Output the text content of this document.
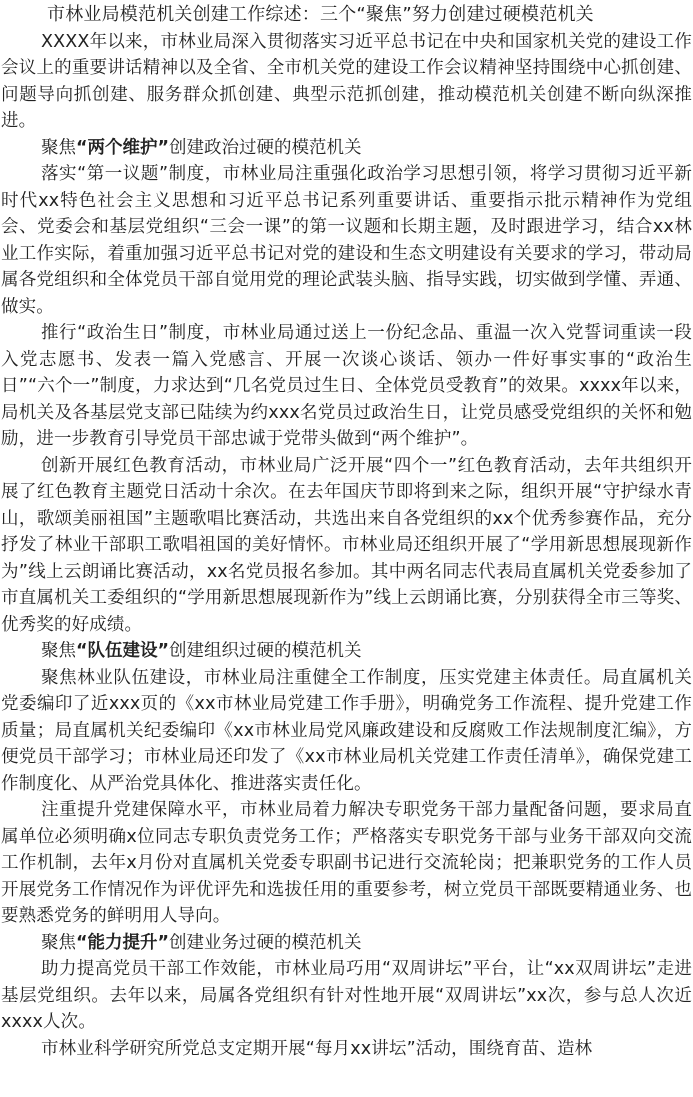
市林业局模范机关创建工作综述：三个“聚焦”努力创建过硬模范机关

XXXX年以来，市林业局深入贯彻落实习近平总书记在中央和国家机关党的建设工作会议上的重要讲话精神以及全省、全市机关党的建设工作会议精神坚持围绕中心抓创建、问题导向抓创建、服务群众抓创建、典型示范抓创建，推动模范机关创建不断向纵深推进。

聚焦“两个维护”创建政治过硬的模范机关

落实“第一议题”制度，市林业局注重强化政治学习思想引领，将学习贯彻习近平新时代xx特色社会主义思想和习近平总书记系列重要讲话、重要指示批示精神作为党组会、党委会和基层党组织“三会一课”的第一议题和长期主题，及时跟进学习，结合xx林业工作实际，着重加强习近平总书记对党的建设和生态文明建设有关要求的学习，带动局属各党组织和全体党员干部自觉用党的理论武装头脑、指导实践，切实做到学懂、弄通、做实。

推行“政治生日”制度，市林业局通过送上一份纪念品、重温一次入党誓词重读一段入党志愿书、发表一篇入党感言、开展一次谈心谈话、领办一件好事实事的“政治生日”“六个一”制度，力求达到“几名党员过生日、全体党员受教育”的效果。xxxx年以来，局机关及各基层党支部已陆续为约xxx名党员过政治生日，让党员感受党组织的关怀和勉励，进一步教育引导党员干部忠诚于党带头做到“两个维护”。

创新开展红色教育活动，市林业局广泛开展“四个一”红色教育活动，去年共组织开展了红色教育主题党日活动十余次。在去年国庆节即将到来之际，组织开展“守护绿水青山，歌颂美丽祖国”主题歌唱比赛活动，共选出来自各党组织的xx个优秀参赛作品，充分抒发了林业干部职工歌唱祖国的美好情怀。市林业局还组织开展了“学用新思想展现新作为”线上云朗诵比赛活动，xx名党员报名参加。其中两名同志代表局直属机关党委参加了市直属机关工委组织的“学用新思想展现新作为”线上云朗诵比赛，分别获得全市三等奖、优秀奖的好成绩。

聚焦“队伍建设”创建组织过硬的模范机关

聚焦林业队伍建设，市林业局注重健全工作制度，压实党建主体责任。局直属机关党委编印了近xxx页的《xx市林业局党建工作手册》，明确党务工作流程、提升党建工作质量；局直属机关纪委编印《xx市林业局党风廉政建设和反腐败工作法规制度汇编》，方便党员干部学习；市林业局还印发了《xx市林业局机关党建工作责任清单》，确保党建工作制度化、从严治党具体化、推进落实责任化。

注重提升党建保障水平，市林业局着力解决专职党务干部力量配备问题，要求局直属单位必须明确x位同志专职负责党务工作；严格落实专职党务干部与业务干部双向交流工作机制，去年x月份对直属机关党委专职副书记进行交流轮岗；把兼职党务的工作人员开展党务工作情况作为评优评先和选拔任用的重要参考，树立党员干部既要精通业务、也要熟悉党务的鲜明用人导向。

聚焦“能力提升”创建业务过硬的模范机关

助力提高党员干部工作效能，市林业局巧用“双周讲坛”平台，让“xx双周讲坛”走进基层党组织。去年以来，局属各党组织有针对性地开展“双周讲坛”xx次，参与总人次近xxxx人次。

市林业科学研究所党总支定期开展“每月xx讲坛”活动，围绕育苗、造林
